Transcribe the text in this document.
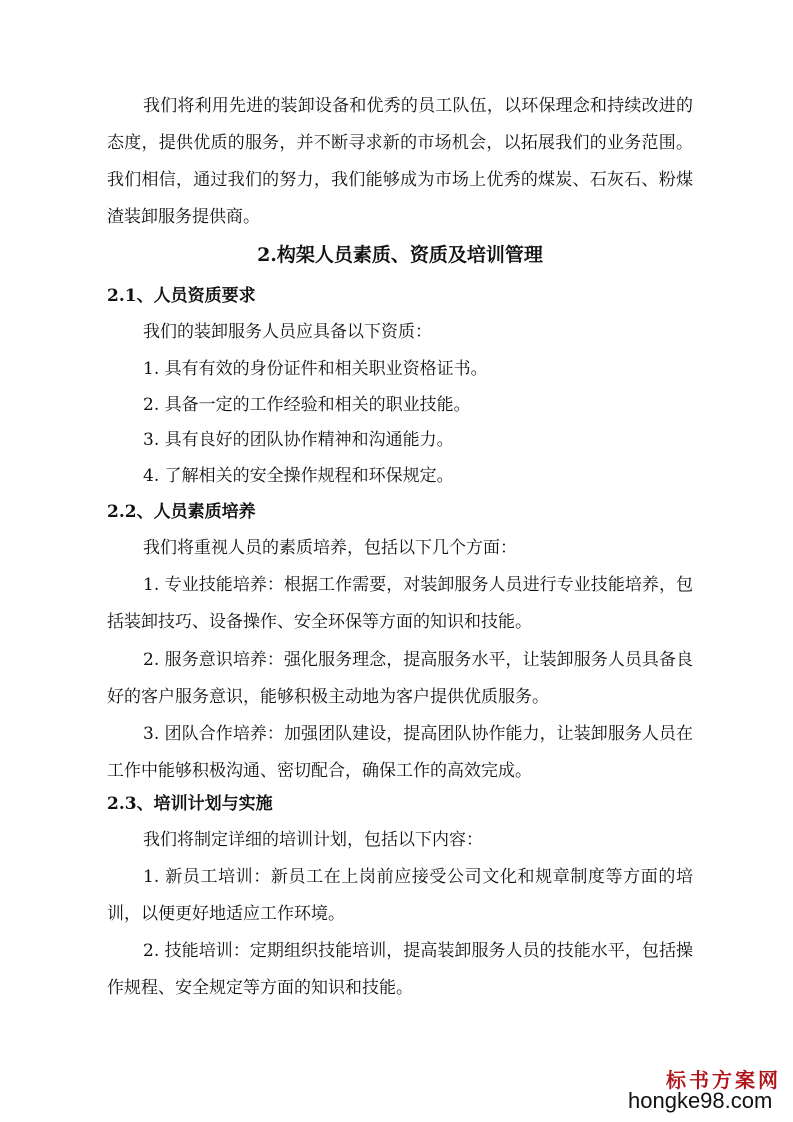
我们将利用先进的装卸设备和优秀的员工队伍，以环保理念和持续改进的态度，提供优质的服务，并不断寻求新的市场机会，以拓展我们的业务范围。我们相信，通过我们的努力，我们能够成为市场上优秀的煤炭、石灰石、粉煤渣装卸服务提供商。

2.构架人员素质、资质及培训管理
2.1、人员资质要求

我们的装卸服务人员应具备以下资质：

1. 具有有效的身份证件和相关职业资格证书。

2. 具备一定的工作经验和相关的职业技能。

3. 具有良好的团队协作精神和沟通能力。

4. 了解相关的安全操作规程和环保规定。

2.2、人员素质培养

我们将重视人员的素质培养，包括以下几个方面：

1. 专业技能培养：根据工作需要，对装卸服务人员进行专业技能培养，包括装卸技巧、设备操作、安全环保等方面的知识和技能。

2. 服务意识培养：强化服务理念，提高服务水平，让装卸服务人员具备良好的客户服务意识，能够积极主动地为客户提供优质服务。

3. 团队合作培养：加强团队建设，提高团队协作能力，让装卸服务人员在工作中能够积极沟通、密切配合，确保工作的高效完成。

2.3、培训计划与实施

我们将制定详细的培训计划，包括以下内容：

1. 新员工培训：新员工在上岗前应接受公司文化和规章制度等方面的培训，以便更好地适应工作环境。

2. 技能培训：定期组织技能培训，提高装卸服务人员的技能水平，包括操作规程、安全规定等方面的知识和技能。

标书方案网
hongke98.com
